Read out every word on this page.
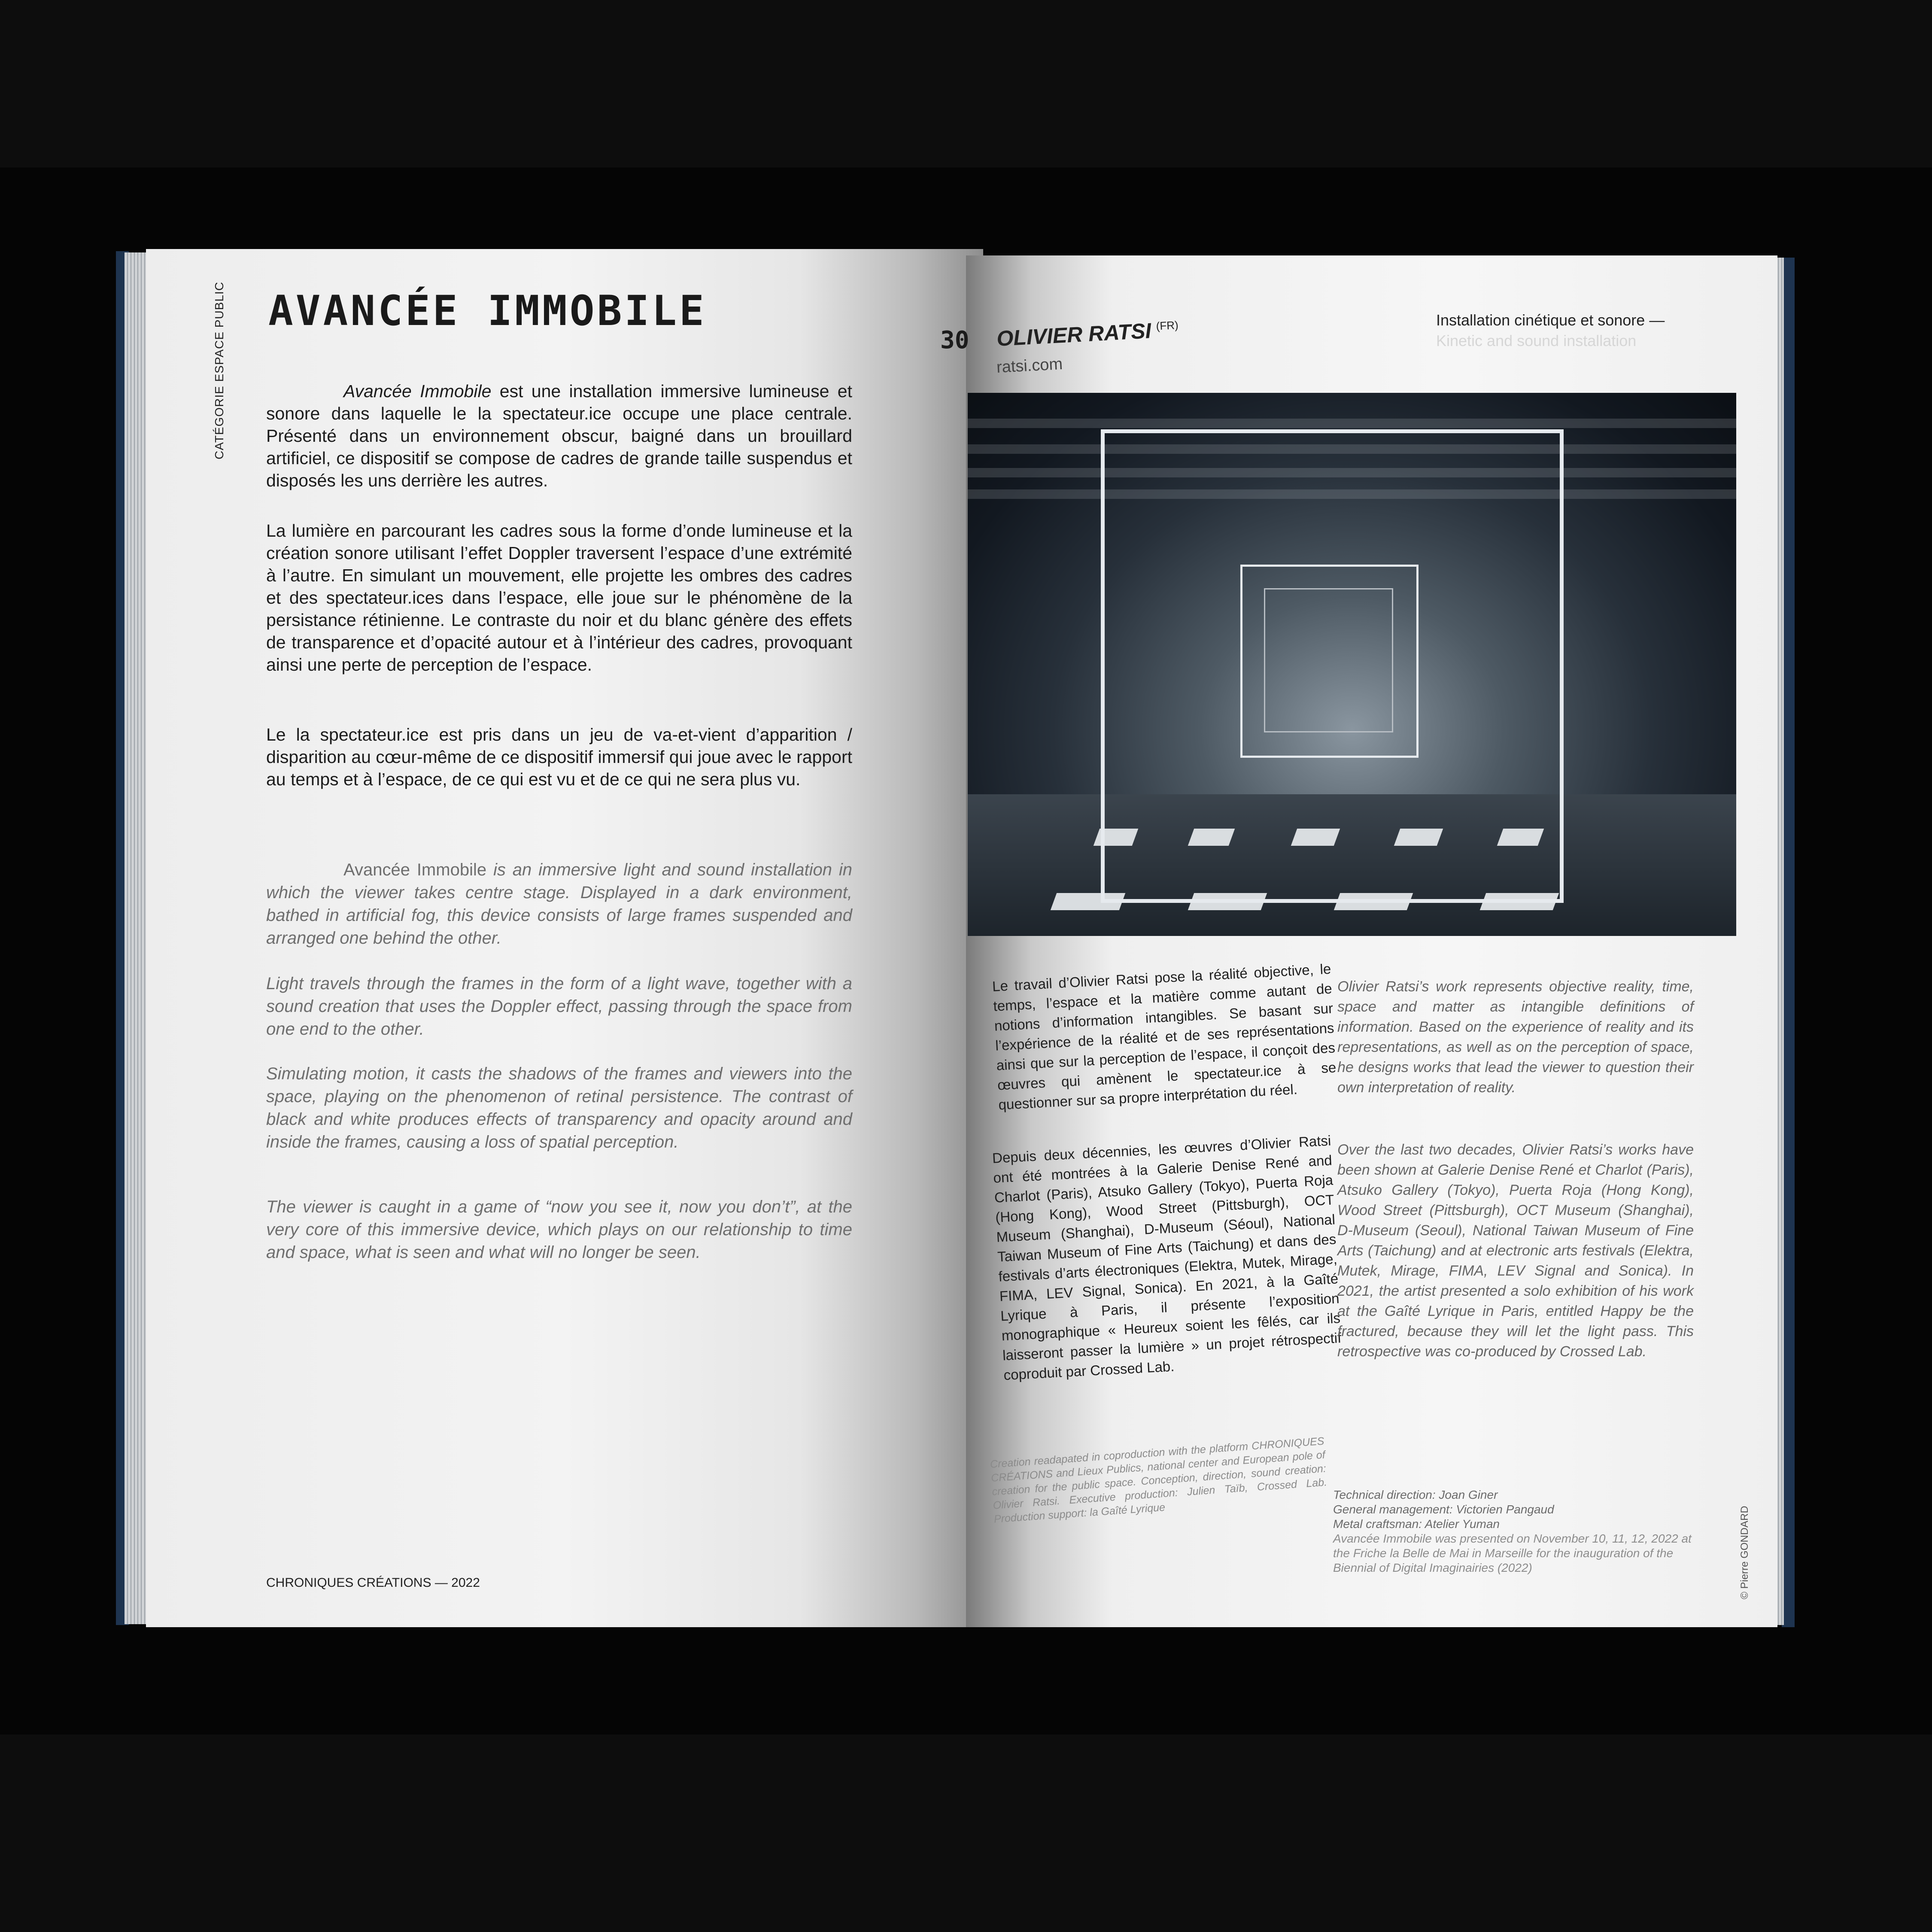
CATÉGORIE ESPACE PUBLIC AVANCÉE IMMOBILE

Avancée Immobile est une installation immersive lumineuse et sonore dans laquelle le la spectateur.ice occupe une place centrale. Présenté dans un environnement obscur, baigné dans un brouillard artificiel, ce dispositif se compose de cadres de grande taille suspendus et disposés les uns derrière les autres.

La lumière en parcourant les cadres sous la forme d’onde lumineuse et la création sonore utilisant l’effet Doppler traversent l’espace d’une extrémité à l’autre. En simulant un mouvement, elle projette les ombres des cadres et des spectateur.ices dans l’espace, elle joue sur le phénomène de la persistance rétinienne. Le contraste du noir et du blanc génère des effets de transparence et d’opacité autour et à l’intérieur des cadres, provoquant ainsi une perte de perception de l’espace.

Le la spectateur.ice est pris dans un jeu de va-et-vient d’apparition / disparition au cœur-même de ce dispositif immersif qui joue avec le rapport au temps et à l’espace, de ce qui est vu et de ce qui ne sera plus vu.

Avancée Immobile is an immersive light and sound installation in which the viewer takes centre stage. Displayed in a dark environment, bathed in artificial fog, this device consists of large frames suspended and arranged one behind the other.

Light travels through the frames in the form of a light wave, together with a sound creation that uses the Doppler effect, passing through the space from one end to the other.

Simulating motion, it casts the shadows of the frames and viewers into the space, playing on the phenomenon of retinal persistence. The contrast of black and white produces effects of transparency and opacity around and inside the frames, causing a loss of spatial perception.

The viewer is caught in a game of “now you see it, now you don’t”, at the very core of this immersive device, which plays on our relationship to time and space, what is seen and what will no longer be seen.

CHRONIQUES CRÉATIONS — 2022
30 OLIVIER RATSI $^{(FR)}$
ratsi.com
Installation cinétique et sonore —
Kinetic and sound installation
Le travail d’Olivier Ratsi pose la réalité objective, le temps, l’espace et la matière comme autant de notions d’information intangibles. Se basant sur l’expérience de la réalité et de ses représentations ainsi que sur la perception de l’espace, il conçoit des œuvres qui amènent le spectateur.ice à se questionner sur sa propre interprétation du réel.
Depuis deux décennies, les œuvres d’Olivier Ratsi ont été montrées à la Galerie Denise René and Charlot (Paris), Atsuko Gallery (Tokyo), Puerta Roja (Hong Kong), Wood Street (Pittsburgh), OCT Museum (Shanghai), D-Museum (Séoul), National Taiwan Museum of Fine Arts (Taichung) et dans des festivals d’arts électroniques (Elektra, Mutek, Mirage, FIMA, LEV Signal, Sonica). En 2021, à la Gaîté Lyrique à Paris, il présente l’exposition monographique « Heureux soient les fêlés, car ils laisseront passer la lumière » un projet rétrospectif coproduit par Crossed Lab.
Olivier Ratsi’s work represents objective reality, time, space and matter as intangible definitions of information. Based on the experience of reality and its representations, as well as on the perception of space, he designs works that lead the viewer to question their own interpretation of reality.
Over the last two decades, Olivier Ratsi’s works have been shown at Galerie Denise René et Charlot (Paris), Atsuko Gallery (Tokyo), Puerta Roja (Hong Kong), Wood Street (Pittsburgh), OCT Museum (Shanghai), D-Museum (Seoul), National Taiwan Museum of Fine Arts (Taichung) and at electronic arts festivals (Elektra, Mutek, Mirage, FIMA, LEV Signal and Sonica). In 2021, the artist presented a solo exhibition of his work at the Gaîté Lyrique in Paris, entitled Happy be the fractured, because they will let the light pass. This retrospective was co-produced by Crossed Lab.
Creation readapated in coproduction with the platform CHRONIQUES CRÉATIONS and Lieux Publics, national center and European pole of creation for the public space. Conception, direction, sound creation: Olivier Ratsi. Executive production: Julien Taïb, Crossed Lab. Production support: la Gaîté Lyrique
Technical direction: Joan Giner
General management: Victorien Pangaud
Metal craftsman: Atelier Yuman
Avancée Immobile was presented on November 10, 11, 12, 2022 at the Friche la Belle de Mai in Marseille for the inauguration of the Biennial of Digital Imaginairies (2022)	© Pierre GONDARD
